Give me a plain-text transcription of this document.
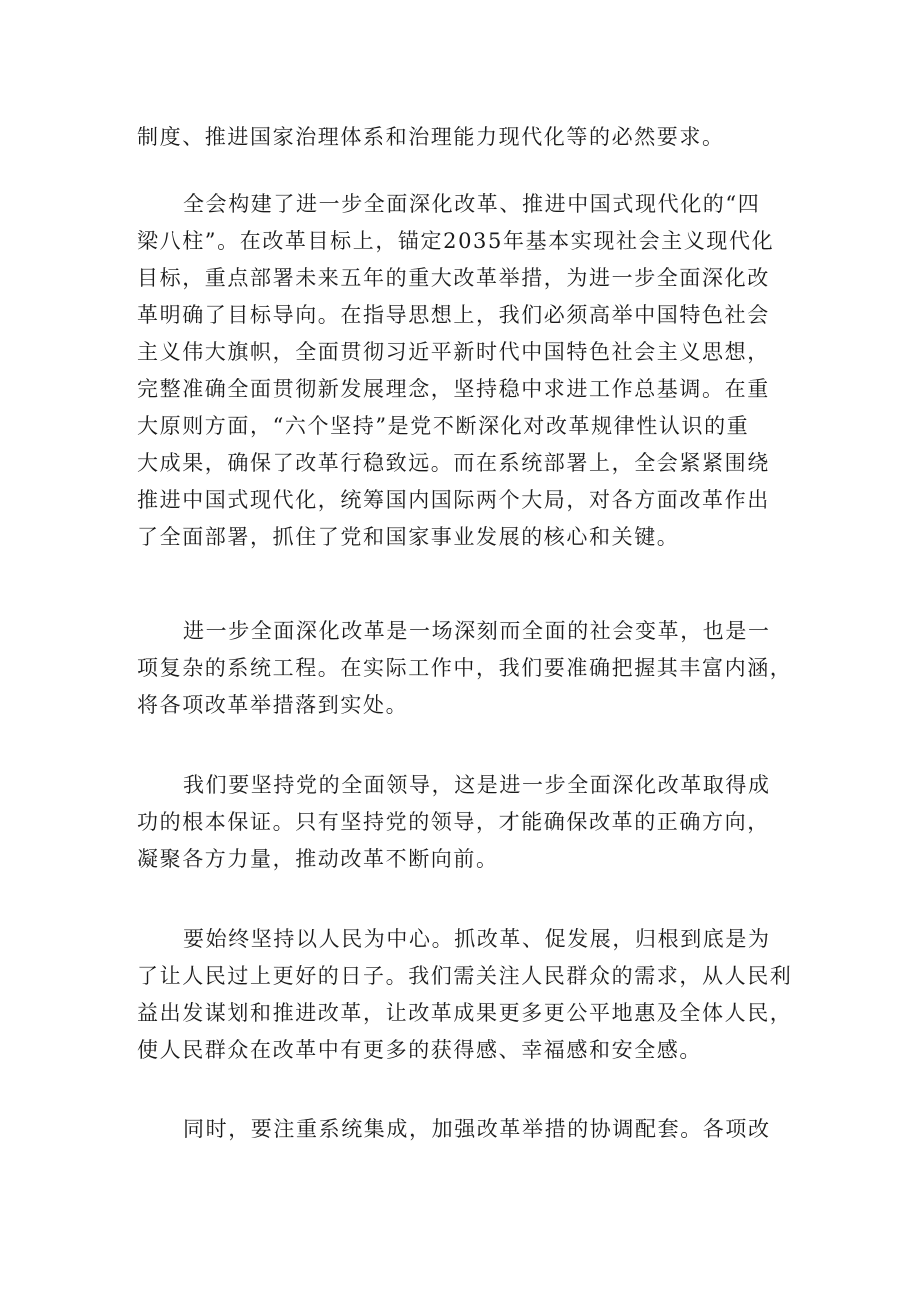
制度、推进国家治理体系和治理能力现代化等的必然要求。
全会构建了进一步全面深化改革、推进中国式现代化的“四
梁八柱”。在改革目标上，锚定2035年基本实现社会主义现代化
目标，重点部署未来五年的重大改革举措，为进一步全面深化改
革明确了目标导向。在指导思想上，我们必须高举中国特色社会
主义伟大旗帜，全面贯彻习近平新时代中国特色社会主义思想，
完整准确全面贯彻新发展理念，坚持稳中求进工作总基调。在重
大原则方面，“六个坚持”是党不断深化对改革规律性认识的重
大成果，确保了改革行稳致远。而在系统部署上，全会紧紧围绕
推进中国式现代化，统筹国内国际两个大局，对各方面改革作出
了全面部署，抓住了党和国家事业发展的核心和关键。
进一步全面深化改革是一场深刻而全面的社会变革，也是一
项复杂的系统工程。在实际工作中，我们要准确把握其丰富内涵，
将各项改革举措落到实处。
我们要坚持党的全面领导，这是进一步全面深化改革取得成
功的根本保证。只有坚持党的领导，才能确保改革的正确方向，
凝聚各方力量，推动改革不断向前。
要始终坚持以人民为中心。抓改革、促发展，归根到底是为
了让人民过上更好的日子。我们需关注人民群众的需求，从人民利
益出发谋划和推进改革，让改革成果更多更公平地惠及全体人民，
使人民群众在改革中有更多的获得感、幸福感和安全感。
同时，要注重系统集成，加强改革举措的协调配套。各项改
